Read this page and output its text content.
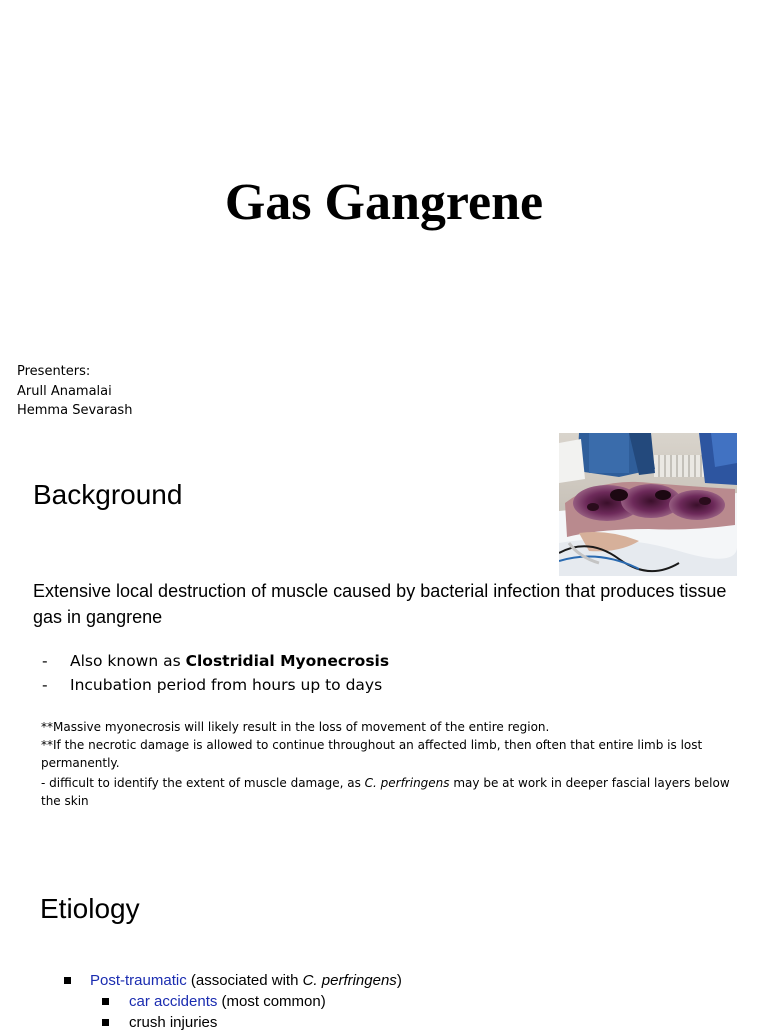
Gas Gangrene
Presenters:
Arull Anamalai
Hemma Sevarash
Background
Extensive local destruction of muscle caused by bacterial infection that produces tissue gas in gangrene
- Also known as Clostridial Myonecrosis
- Incubation period from hours up to days
**Massive myonecrosis will likely result in the loss of movement of the entire region.
**If the necrotic damage is allowed to continue throughout an affected limb, then often that entire limb is lost permanently.
- difficult to identify the extent of muscle damage, as C. perfringens may be at work in deeper fascial layers below the skin
Etiology
Post-traumatic (associated with C. perfringens)
car accidents (most common)
crush injuries
